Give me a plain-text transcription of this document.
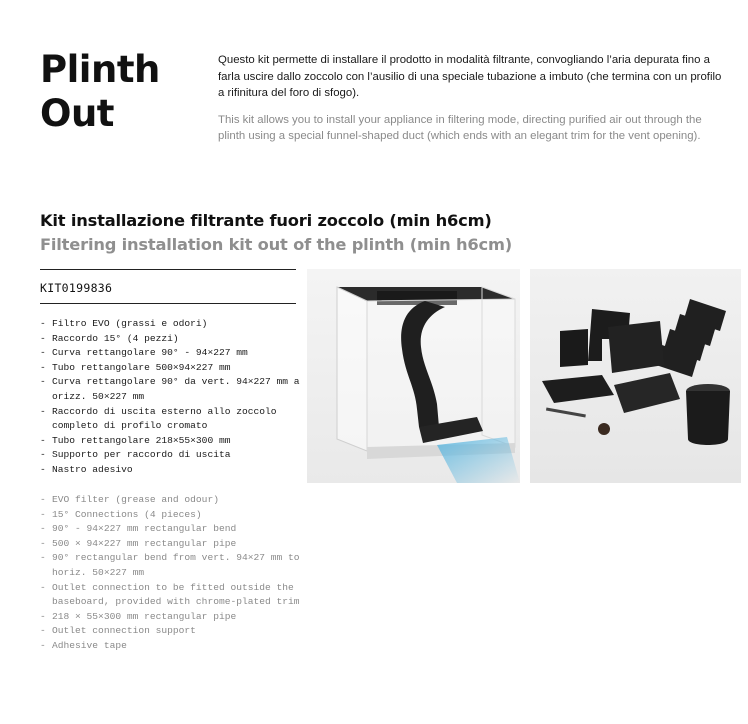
Plinth
Out

Questo kit permette di installare il prodotto in modalità filtrante, convogliando l’aria depurata fino a farla uscire dallo zoccolo con l’ausilio di una speciale tubazione a imbuto (che termina con un profilo a rifinitura del foro di sfogo).

This kit allows you to install your appliance in filtering mode, directing purified air out through the plinth using a special funnel-shaped duct (which ends with an elegant trim for the vent opening).

Kit installazione filtrante fuori zoccolo (min h6cm)
Filtering installation kit out of the plinth (min h6cm)
KIT0199836
- Filtro EVO (grassi e odori)
- Raccordo 15° (4 pezzi)
- Curva rettangolare 90° - 94×227 mm
- Tubo rettangolare 500×94×227 mm
- Curva rettangolare 90° da vert. 94×227 mm a orizz. 50×227 mm
- Raccordo di uscita esterno allo zoccolo completo di profilo cromato
- Tubo rettangolare 218×55×300 mm
- Supporto per raccordo di uscita
- Nastro adesivo
- EVO filter (grease and odour)
- 15° Connections (4 pieces)
- 90° - 94×227 mm rectangular bend
- 500 × 94×227 mm rectangular pipe
- 90° rectangular bend from vert. 94×27 mm to horiz. 50×227 mm
- Outlet connection to be fitted outside the baseboard, provided with chrome-plated trim
- 218 × 55×300 mm rectangular pipe
- Outlet connection support
- Adhesive tape
